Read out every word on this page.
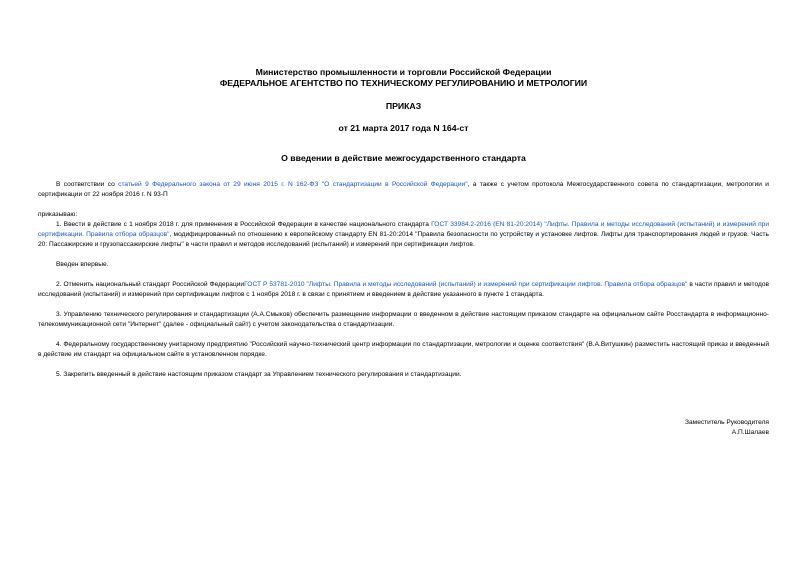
Министерство промышленности и торговли Российской Федерации
ФЕДЕРАЛЬНОЕ АГЕНТСТВО ПО ТЕХНИЧЕСКОМУ РЕГУЛИРОВАНИЮ И МЕТРОЛОГИИ
ПРИКАЗ
от 21 марта 2017 года N 164-ст
О введении в действие межгосударственного стандарта

В соответствии со статьей 9 Федерального закона от 29 июня 2015 г. N 162-ФЗ "О стандартизации в Российской Федерации", а также с учетом протокола Межгосударственного совета по стандартизации, метрологии и сертификации от 22 ноября 2016 г. N 93-П

приказываю:

1. Ввести в действие с 1 ноября 2018 г. для применения в Российской Федерации в качестве национального стандарта ГОСТ 33984.2-2016 (EN 81-20:2014) "Лифты. Правила и методы исследований (испытаний) и измерений при сертификации. Правила отбора образцов", модифицированный по отношению к европейскому стандарту EN 81-20:2014 "Правила безопасности по устройству и установке лифтов. Лифты для транспортирования людей и грузов. Часть 20: Пассажирские и грузопассажирские лифты" в части правил и методов исследований (испытаний) и измерений при сертификации лифтов.

Введен впервые.

2. Отменить национальный стандарт Российской ФедерацииГОСТ Р 53781-2010 "Лифты. Правила и методы исследований (испытаний) и измерений при сертификации лифтов. Правила отбора образцов" в части правил и методов исследований (испытаний) и измерений при сертификации лифтов с 1 ноября 2018 г. в связи с принятием и введением в действие указанного в пункте 1 стандарта.

3. Управлению технического регулирования и стандартизации (А.А.Смыков) обеспечить размещение информации о введенном в действие настоящим приказом стандарте на официальном сайте Росстандарта в информационно-телекоммуникационной сети "Интернет" (далее - официальный сайт) с учетом законодательства о стандартизации.

4. Федеральному государственному унитарному предприятию "Российский научно-технический центр информации по стандартизации, метрологии и оценке соответствия" (В.А.Витушкин) разместить настоящий приказ и введенный в действие им стандарт на официальном сайте в установленном порядке.

5. Закрепить введенный в действие настоящим приказом стандарт за Управлением технического регулирования и стандартизации.

Заместитель Руководителя
А.П.Шалаев
